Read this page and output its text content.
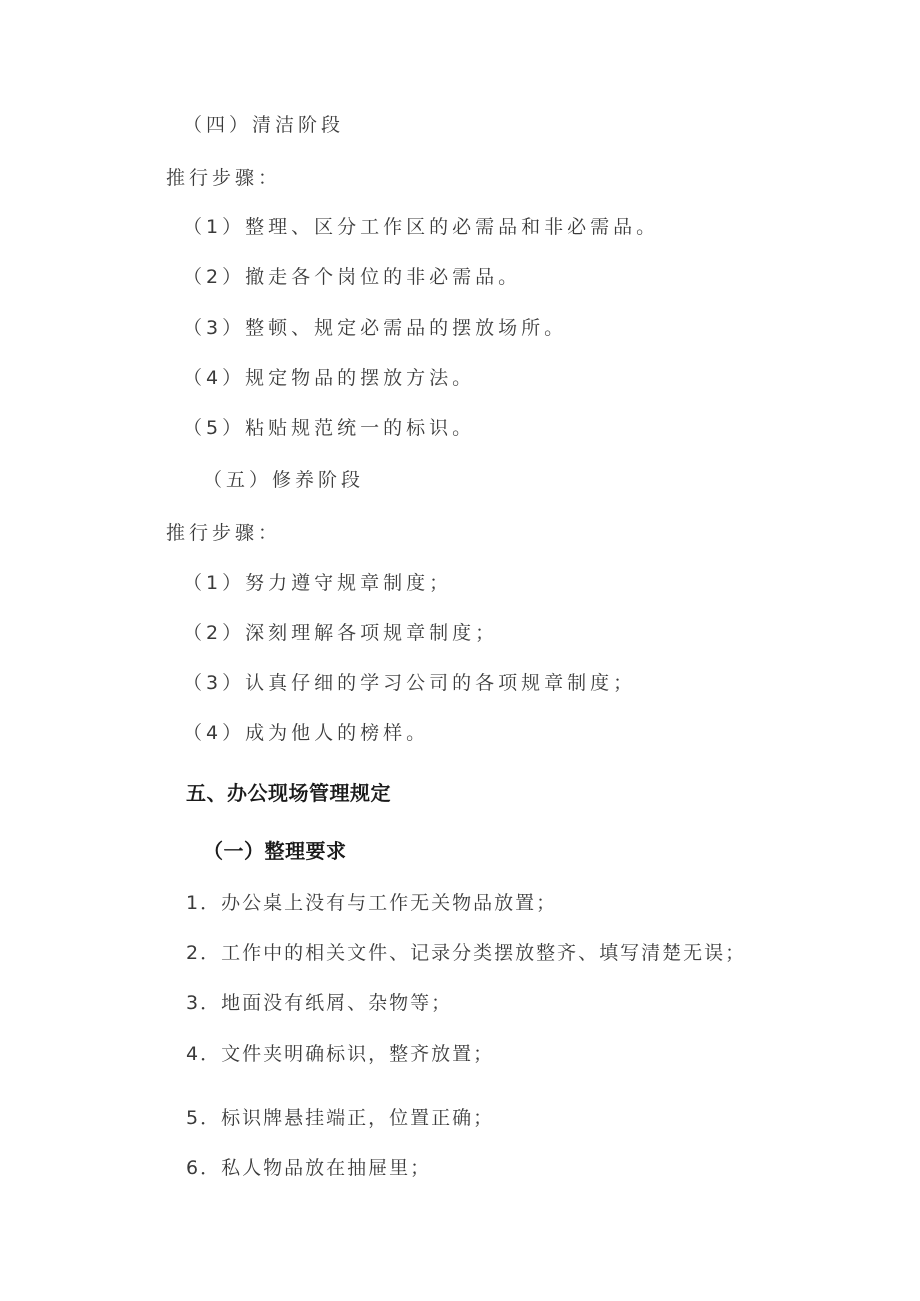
（四）清洁阶段
推行步骤：
（1）整理、区分工作区的必需品和非必需品。
（2）撤走各个岗位的非必需品。
（3）整顿、规定必需品的摆放场所。
（4）规定物品的摆放方法。
（5）粘贴规范统一的标识。
（五）修养阶段
推行步骤：
（1）努力遵守规章制度；
（2）深刻理解各项规章制度；
（3）认真仔细的学习公司的各项规章制度；
（4）成为他人的榜样。
五、办公现场管理规定
（一）整理要求
1．办公桌上没有与工作无关物品放置；
2．工作中的相关文件、记录分类摆放整齐、填写清楚无误；
3．地面没有纸屑、杂物等；
4．文件夹明确标识，整齐放置；
5．标识牌悬挂端正，位置正确；
6．私人物品放在抽屉里；
